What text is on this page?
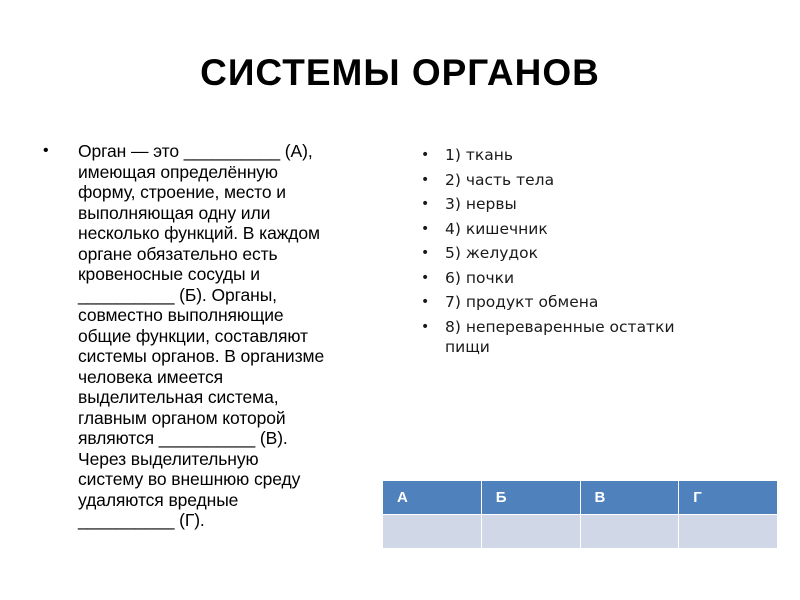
СИСТЕМЫ ОРГАНОВ
• Орган — это __________ (А),
имеющая определённую
форму, строение, место и
выполняющая одну или
несколько функций. В каждом
органе обязательно есть
кровеносные сосуды и
__________ (Б). Органы,
совместно выполняющие
общие функции, составляют
системы органов. В организме
человека имеется
выделительная система,
главным органом которой
являются __________ (В).
Через выделительную
систему во внешнюю среду
удаляются вредные
__________ (Г).
• 1) ткань
• 2) часть тела
• 3) нервы
• 4) кишечник
• 5) желудок
• 6) почки
• 7) продукт обмена
• 8) непереваренные остатки
пищи
А	Б	В	Г
